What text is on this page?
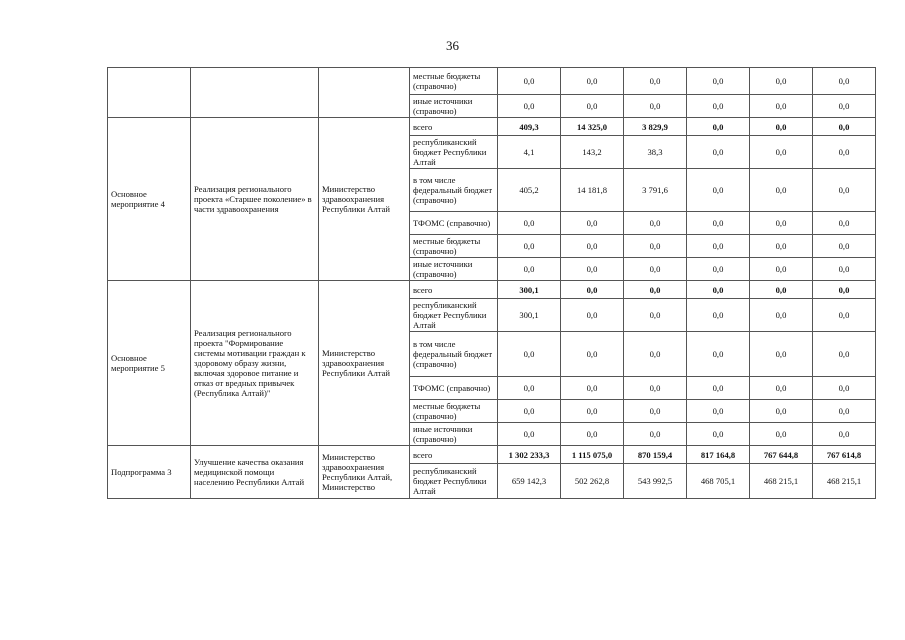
36
			местные бюджеты (справочно)	0,0	0,0	0,0	0,0	0,0	0,0
			иные источники (справочно)	0,0	0,0	0,0	0,0	0,0	0,0
Основное мероприятие 4	Реализация регионального проекта «Старшее поколение» в части здравоохранения	Министерство здравоохранения Республики Алтай	всего	409,3	14 325,0	3 829,9	0,0	0,0	0,0
			республиканский бюджет Республики Алтай	4,1	143,2	38,3	0,0	0,0	0,0
			в том числе федеральный бюджет (справочно)	405,2	14 181,8	3 791,6	0,0	0,0	0,0
			ТФОМС (справочно)	0,0	0,0	0,0	0,0	0,0	0,0
			местные бюджеты (справочно)	0,0	0,0	0,0	0,0	0,0	0,0
			иные источники (справочно)	0,0	0,0	0,0	0,0	0,0	0,0
Основное мероприятие 5	Реализация регионального проекта "Формирование системы мотивации граждан к здоровому образу жизни, включая здоровое питание и отказ от вредных привычек (Республика Алтай)"	Министерство здравоохранения Республики Алтай	всего	300,1	0,0	0,0	0,0	0,0	0,0
			республиканский бюджет Республики Алтай	300,1	0,0	0,0	0,0	0,0	0,0
			в том числе федеральный бюджет (справочно)	0,0	0,0	0,0	0,0	0,0	0,0
			ТФОМС (справочно)	0,0	0,0	0,0	0,0	0,0	0,0
			местные бюджеты (справочно)	0,0	0,0	0,0	0,0	0,0	0,0
			иные источники (справочно)	0,0	0,0	0,0	0,0	0,0	0,0
Подпрограмма 3	Улучшение качества оказания медицинской помощи населению Республики Алтай	Министерство здравоохранения Республики Алтай, Министерство	всего	1 302 233,3	1 115 075,0	870 159,4	817 164,8	767 644,8	767 614,8
			республиканский бюджет Республики Алтай	659 142,3	502 262,8	543 992,5	468 705,1	468 215,1	468 215,1
